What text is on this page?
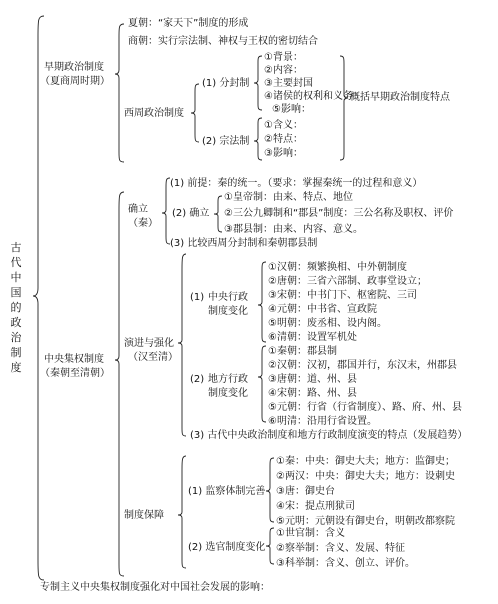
古代中国的政治制度
早期政治制度
（夏商周时期）
夏朝：“家天下”制度的形成
商朝：实行宗法制、神权与王权的密切结合
西周政治制度
(1) 分封制
①背景：
②内容：
③主要封国
④诸侯的权利和义务
⑤影响：
(2) 宗法制
①含义：
②特点：
③影响：
概括早期政治制度特点
中央集权制度
（秦朝至清朝）
确立
（秦）
(1) 前提：秦的统一。（要求：掌握秦统一的过程和意义）
(2) 确立
①皇帝制：由来、特点、地位
②三公九卿制和“郡县”制度：三公名称及职权、评价
③郡县制：由来、内容、意义。
(3) 比较西周分封制和秦朝郡县制
演进与强化
（汉至清）
(1) 中央行政
制度变化
①汉朝：频繁换相、中外朝制度
②唐朝：三省六部制、政事堂设立；
③宋朝：中书门下、枢密院、三司
④元朝：中书省、宣政院
⑤明朝：废丞相、设内阁。
⑥清朝：设置军机处
(2) 地方行政
制度变化
①秦朝：郡县制
②汉朝：汉初，郡国并行，东汉末，州郡县
③唐朝：道、州、县
④宋朝：路、州、县
⑤元朝：行省（行省制度）、路、府、州、县
⑥明清：沿用行省设置。
(3) 古代中央政治制度和地方行政制度演变的特点（发展趋势）
制度保障
(1) 监察体制完善
①秦：中央：御史大夫；地方：监御史；
②两汉：中央：御史大夫；地方：设刺史
③唐：御史台
④宋：提点刑狱司
⑤元明：元朝设有御史台，明朝改都察院
(2) 选官制度变化
①世官制：含义
②察举制：含义、发展、特征
③科举制：含义、创立、评价。
专制主义中央集权制度强化对中国社会发展的影响：
